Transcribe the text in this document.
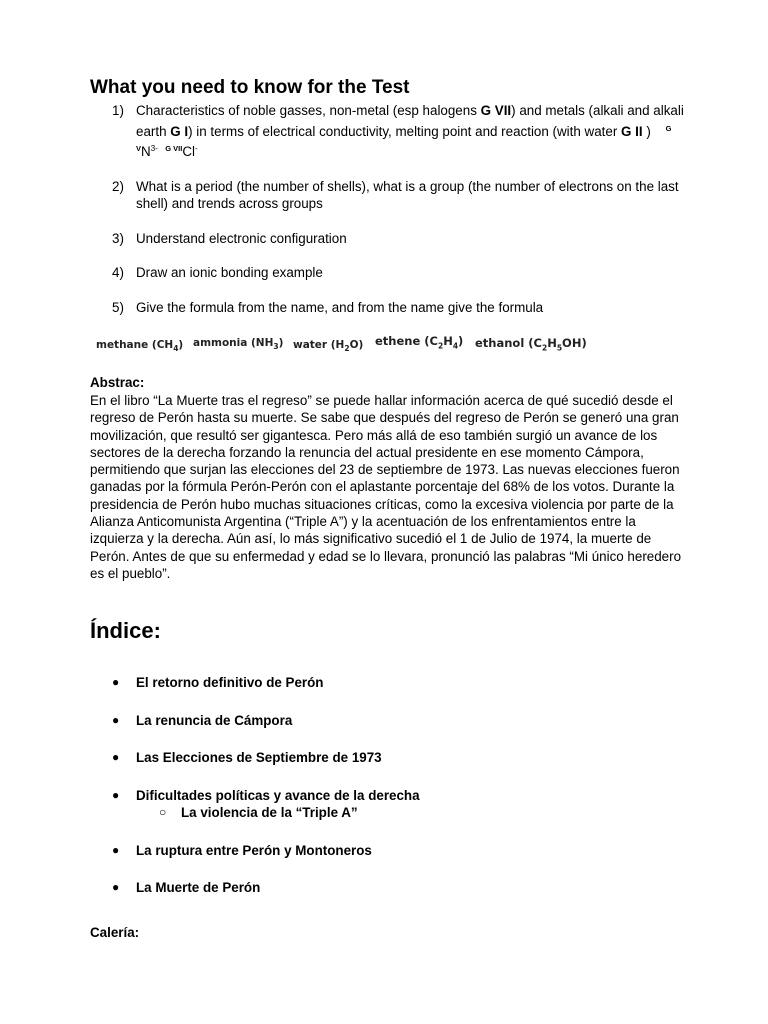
What you need to know for the Test
1) Characteristics of noble gasses, non-metal (esp halogens G VII) and metals (alkali and alkali earth G I) in terms of electrical conductivity, melting point and reaction (with water G II ) $^{G V}N^{3-}$ $^{G VII}$Cl-
2) What is a period (the number of shells), what is a group (the number of electrons on the last shell) and trends across groups
3) Understand electronic configuration
4) Draw an ionic bonding example
5) Give the formula from the name, and from the name give the formula
methane $(CH_4)$ ammonia $(NH_3)$ water $(H_2O)$ ethene $(C_2H_4)$ ethanol $(C_2H_5OH)$
Abstrac:

En el libro “La Muerte tras el regreso” se puede hallar información acerca de qué sucedió desde el regreso de Perón hasta su muerte. Se sabe que después del regreso de Perón se generó una gran movilización, que resultó ser gigantesca. Pero más allá de eso también surgió un avance de los sectores de la derecha forzando la renuncia del actual presidente en ese momento Cámpora, permitiendo que surjan las elecciones del 23 de septiembre de 1973. Las nuevas elecciones fueron ganadas por la fórmula Perón-Perón con el aplastante porcentaje del 68% de los votos. Durante la presidencia de Perón hubo muchas situaciones críticas, como la excesiva violencia por parte de la Alianza Anticomunista Argentina (“Triple A”) y la acentuación de los enfrentamientos entre la izquierza y la derecha. Aún así, lo más significativo sucedió el 1 de Julio de 1974, la muerte de Perón. Antes de que su enfermedad y edad se lo llevara, pronunció las palabras “Mi único heredero es el pueblo”.

Índice:
● El retorno definitivo de Perón
● La renuncia de Cámpora
● Las Elecciones de Septiembre de 1973
● Dificultades políticas y avance de la derecha
○ La violencia de la “Triple A”
● La ruptura entre Perón y Montoneros
● La Muerte de Perón
Calería:
